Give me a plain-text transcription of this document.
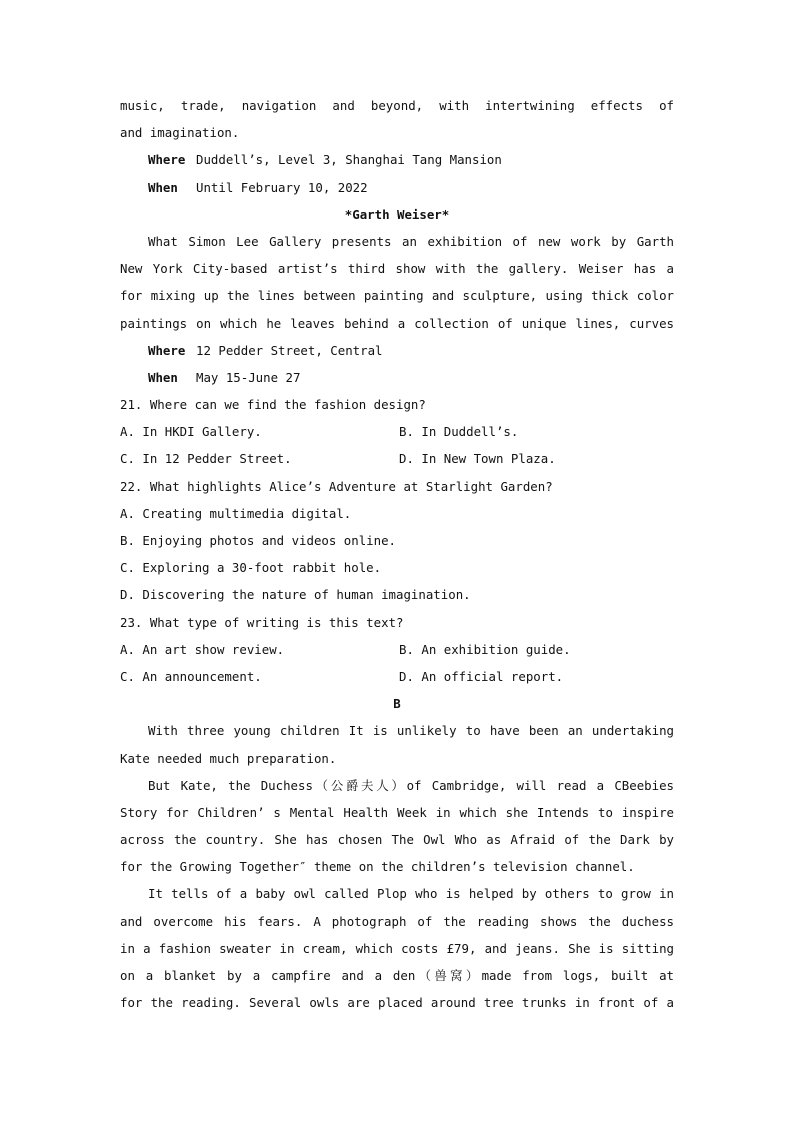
music, trade, navigation and beyond, with intertwining effects of
and imagination.
Where Duddell’s, Level 3, Shanghai Tang Mansion
When Until February 10, 2022
*Garth Weiser*
What Simon Lee Gallery presents an exhibition of new work by Garth
New York City-based artist’s third show with the gallery. Weiser has a
for mixing up the lines between painting and sculpture, using thick color
paintings on which he leaves behind a collection of unique lines, curves
Where 12 Pedder Street, Central
When May 15-June 27
21. Where can we find the fashion design?
A. In HKDI Gallery.	B. In Duddell’s.
C. In 12 Pedder Street.	D. In New Town Plaza.
22. What highlights Alice’s Adventure at Starlight Garden?
A. Creating multimedia digital.
B. Enjoying photos and videos online.
C. Exploring a 30-foot rabbit hole.
D. Discovering the nature of human imagination.
23. What type of writing is this text?
A. An art show review.	B. An exhibition guide.
C. An announcement.	D. An official report.
B
With three young children It is unlikely to have been an undertaking
Kate needed much preparation.
But Kate, the Duchess（公爵夫人）of Cambridge, will read a CBeebies
Story for Children’ s Mental Health Week in which she Intends to inspire
across the country. She has chosen The Owl Who as Afraid of the Dark by
for the Growing Together″ theme on the children’s television channel.
It tells of a baby owl called Plop who is helped by others to grow in
and overcome his fears. A photograph of the reading shows the duchess
in a fashion sweater in cream, which costs £79, and jeans. She is sitting
on a blanket by a campfire and a den（兽窝）made from logs, built at
for the reading. Several owls are placed around tree trunks in front of a
